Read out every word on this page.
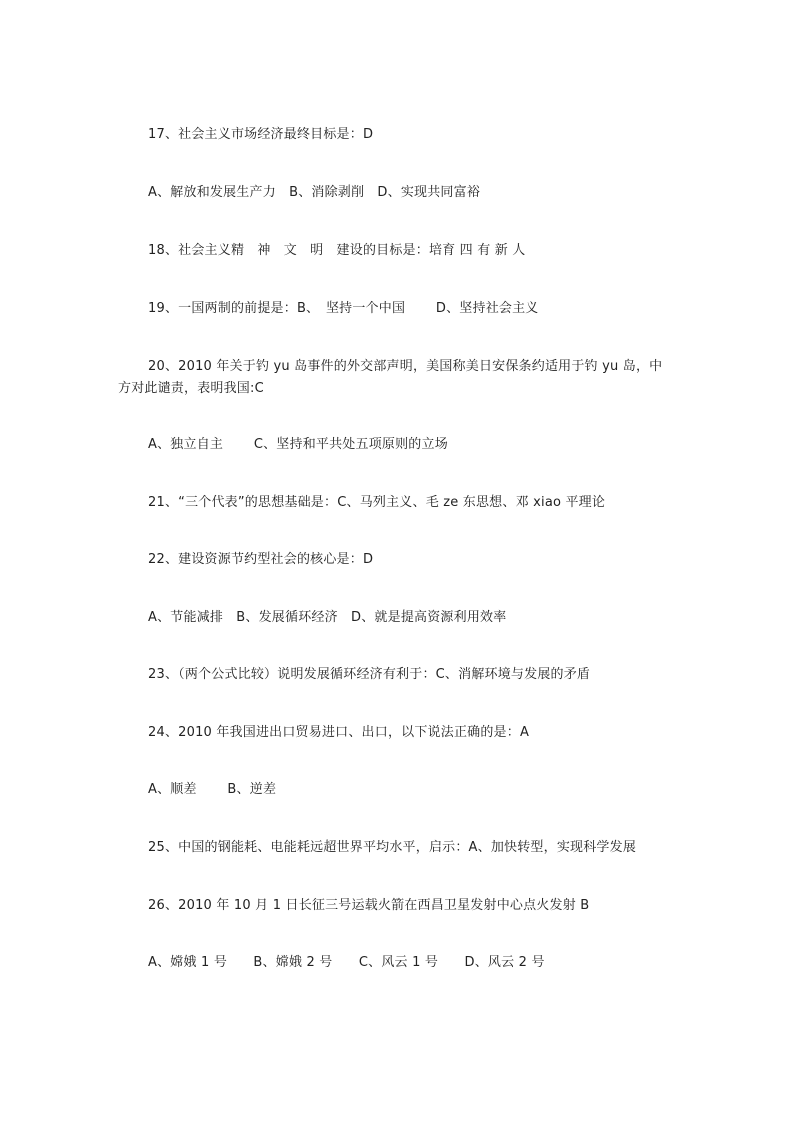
17、社会主义市场经济最终目标是：D
A、解放和发展生产力　B、消除剥削　D、实现共同富裕
18、社会主义精　神　文　明　建设的目标是：培育 四 有 新 人
19、一国两制的前提是：B、　坚持一个中国　　 D、坚持社会主义
20、2010 年关于钓 yu 岛事件的外交部声明，美国称美日安保条约适用于钓 yu 岛，中
方对此谴责，表明我国:C
A、独立自主　　 C、坚持和平共处五项原则的立场
21、“三个代表”的思想基础是：C、马列主义、毛 ze 东思想、邓 xiao 平理论
22、建设资源节约型社会的核心是：D
A、节能减排　B、发展循环经济　D、就是提高资源利用效率
23、（两个公式比较）说明发展循环经济有利于：C、消解环境与发展的矛盾
24、2010 年我国进出口贸易进口、出口，以下说法正确的是：A
A、顺差　　 B、逆差
25、中国的钢能耗、电能耗远超世界平均水平，启示：A、加快转型，实现科学发展
26、2010 年 10 月 1 日长征三号运载火箭在西昌卫星发射中心点火发射 B
A、嫦娥 1 号　　B、嫦娥 2 号　　C、风云 1 号　　D、风云 2 号
